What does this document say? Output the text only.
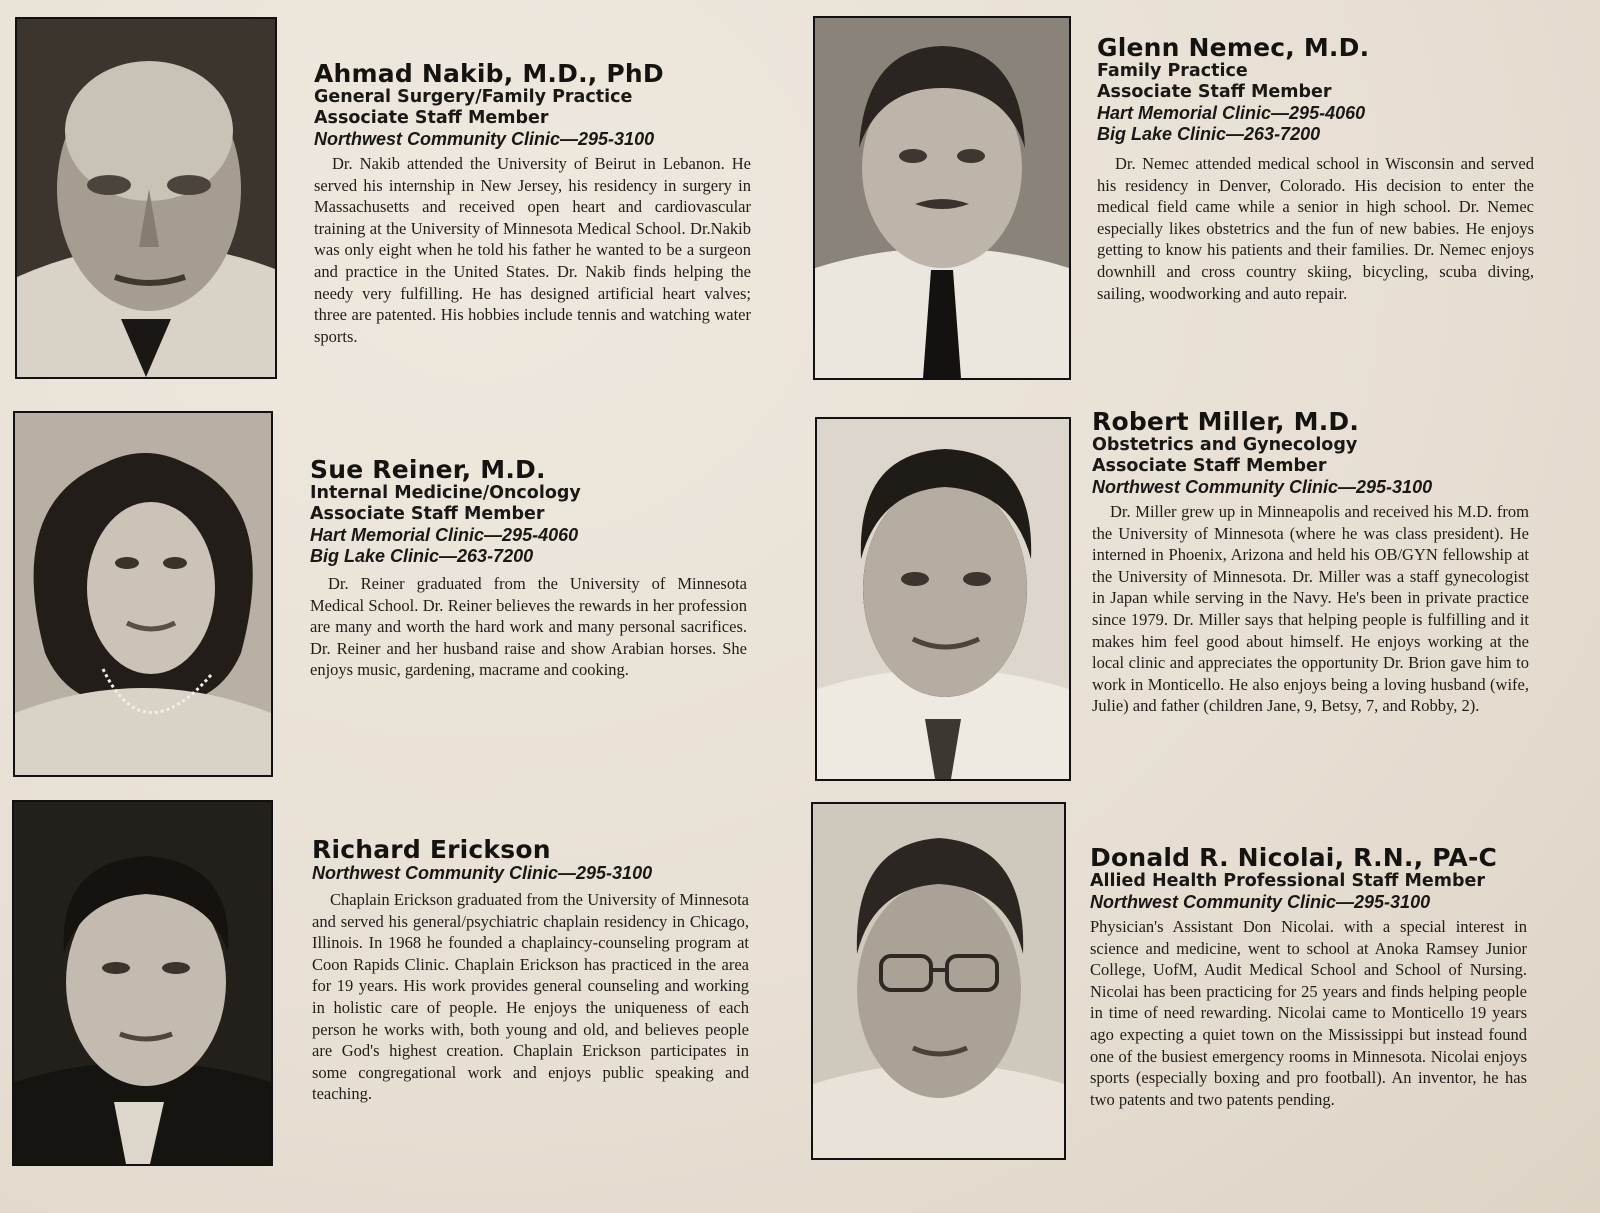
Ahmad Nakib, M.D., PhD
General Surgery/Family Practice
Associate Staff Member
Northwest Community Clinic—295-3100
Dr. Nakib attended the University of Beirut in Lebanon. He served his internship in New Jersey, his residency in surgery in Massachusetts and received open heart and cardiovascular training at the University of Minnesota Medical School. Dr.Nakib was only eight when he told his father he wanted to be a surgeon and practice in the United States. Dr. Nakib finds helping the needy very fulfilling. He has designed artificial heart valves; three are patented. His hobbies include tennis and watching water sports.
Glenn Nemec, M.D.
Family Practice
Associate Staff Member
Hart Memorial Clinic—295-4060
Big Lake Clinic—263-7200
Dr. Nemec attended medical school in Wisconsin and served his residency in Denver, Colorado. His decision to enter the medical field came while a senior in high school. Dr. Nemec especially likes obstetrics and the fun of new babies. He enjoys getting to know his patients and their families. Dr. Nemec enjoys downhill and cross country skiing, bicycling, scuba diving, sailing, woodworking and auto repair.
Sue Reiner, M.D.
Internal Medicine/Oncology
Associate Staff Member
Hart Memorial Clinic—295-4060
Big Lake Clinic—263-7200
Dr. Reiner graduated from the University of Minnesota Medical School. Dr. Reiner believes the rewards in her profession are many and worth the hard work and many personal sacrifices. Dr. Reiner and her husband raise and show Arabian horses. She enjoys music, gardening, macrame and cooking.
Robert Miller, M.D.
Obstetrics and Gynecology
Associate Staff Member
Northwest Community Clinic—295-3100
Dr. Miller grew up in Minneapolis and received his M.D. from the University of Minnesota (where he was class president). He interned in Phoenix, Arizona and held his OB/GYN fellowship at the University of Minnesota. Dr. Miller was a staff gynecologist in Japan while serving in the Navy. He's been in private practice since 1979. Dr. Miller says that helping people is fulfilling and it makes him feel good about himself. He enjoys working at the local clinic and appreciates the opportunity Dr. Brion gave him to work in Monticello. He also enjoys being a loving husband (wife, Julie) and father (children Jane, 9, Betsy, 7, and Robby, 2).
Richard Erickson
Northwest Community Clinic—295-3100
Chaplain Erickson graduated from the University of Minnesota and served his general/psychiatric chaplain residency in Chicago, Illinois. In 1968 he founded a chaplaincy-counseling program at Coon Rapids Clinic. Chaplain Erickson has practiced in the area for 19 years. His work provides general counseling and working in holistic care of people. He enjoys the uniqueness of each person he works with, both young and old, and believes people are God's highest creation. Chaplain Erickson participates in some congregational work and enjoys public speaking and teaching.
Donald R. Nicolai, R.N., PA-C
Allied Health Professional Staff Member
Northwest Community Clinic—295-3100
Physician's Assistant Don Nicolai. with a special interest in science and medicine, went to school at Anoka Ramsey Junior College, UofM, Audit Medical School and School of Nursing. Nicolai has been practicing for 25 years and finds helping people in time of need rewarding. Nicolai came to Monticello 19 years ago expecting a quiet town on the Mississippi but instead found one of the busiest emergency rooms in Minnesota. Nicolai enjoys sports (especially boxing and pro football). An inventor, he has two patents and two patents pending.
